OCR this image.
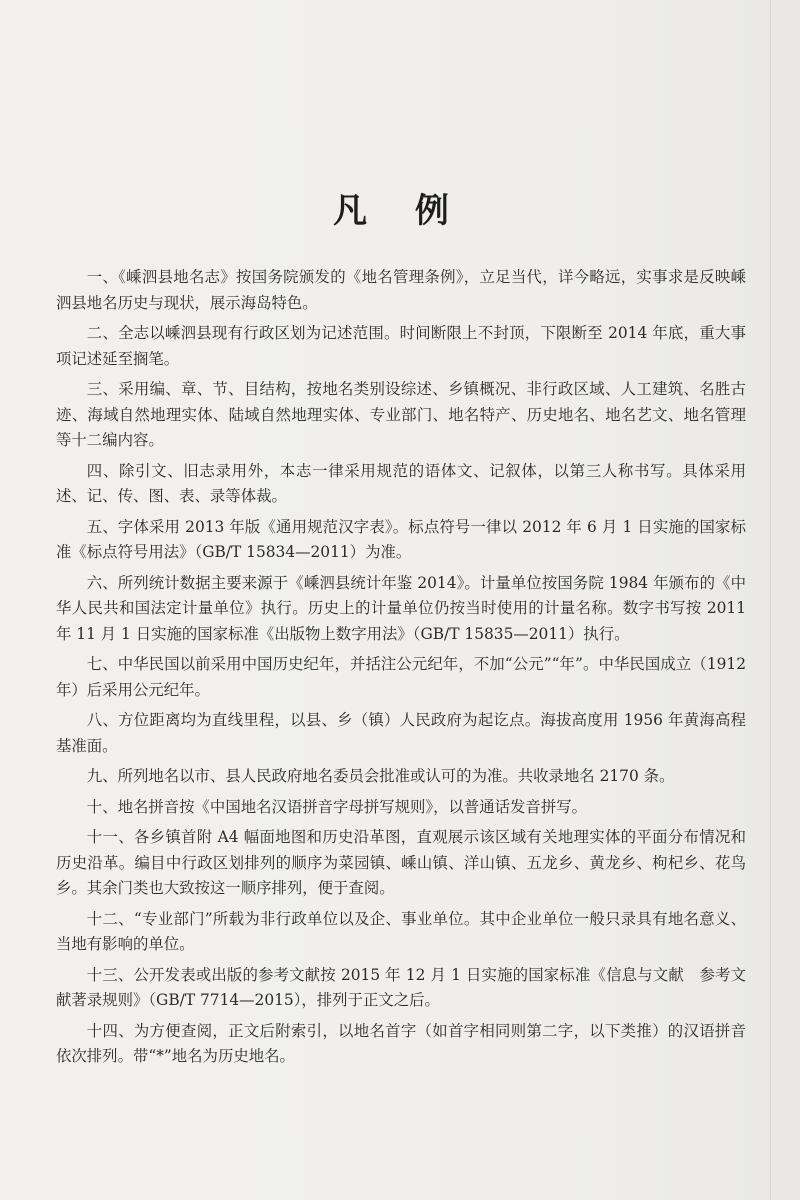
凡 例

一、《嵊泗县地名志》按国务院颁发的《地名管理条例》，立足当代，详今略远，实事求是反映嵊泗县地名历史与现状，展示海岛特色。

二、全志以嵊泗县现有行政区划为记述范围。时间断限上不封顶，下限断至 2014 年底，重大事项记述延至搁笔。

三、采用编、章、节、目结构，按地名类别设综述、乡镇概况、非行政区域、人工建筑、名胜古迹、海域自然地理实体、陆域自然地理实体、专业部门、地名特产、历史地名、地名艺文、地名管理等十二编内容。

四、除引文、旧志录用外，本志一律采用规范的语体文、记叙体，以第三人称书写。具体采用述、记、传、图、表、录等体裁。

五、字体采用 2013 年版《通用规范汉字表》。标点符号一律以 2012 年 6 月 1 日实施的国家标准《标点符号用法》（GB/T 15834—2011）为准。

六、所列统计数据主要来源于《嵊泗县统计年鉴 2014》。计量单位按国务院 1984 年颁布的《中华人民共和国法定计量单位》执行。历史上的计量单位仍按当时使用的计量名称。数字书写按 2011 年 11 月 1 日实施的国家标准《出版物上数字用法》（GB/T 15835—2011）执行。

七、中华民国以前采用中国历史纪年，并括注公元纪年，不加“公元”“年”。中华民国成立（1912 年）后采用公元纪年。

八、方位距离均为直线里程，以县、乡（镇）人民政府为起讫点。海拔高度用 1956 年黄海高程基准面。

九、所列地名以市、县人民政府地名委员会批准或认可的为准。共收录地名 2170 条。

十、地名拼音按《中国地名汉语拼音字母拼写规则》，以普通话发音拼写。

十一、各乡镇首附 A4 幅面地图和历史沿革图，直观展示该区域有关地理实体的平面分布情况和历史沿革。编目中行政区划排列的顺序为菜园镇、嵊山镇、洋山镇、五龙乡、黄龙乡、枸杞乡、花鸟乡。其余门类也大致按这一顺序排列，便于查阅。

十二、“专业部门”所载为非行政单位以及企、事业单位。其中企业单位一般只录具有地名意义、当地有影响的单位。

十三、公开发表或出版的参考文献按 2015 年 12 月 1 日实施的国家标准《信息与文献　参考文献著录规则》（GB/T 7714—2015），排列于正文之后。

十四、为方便查阅，正文后附索引，以地名首字（如首字相同则第二字，以下类推）的汉语拼音依次排列。带“*”地名为历史地名。
